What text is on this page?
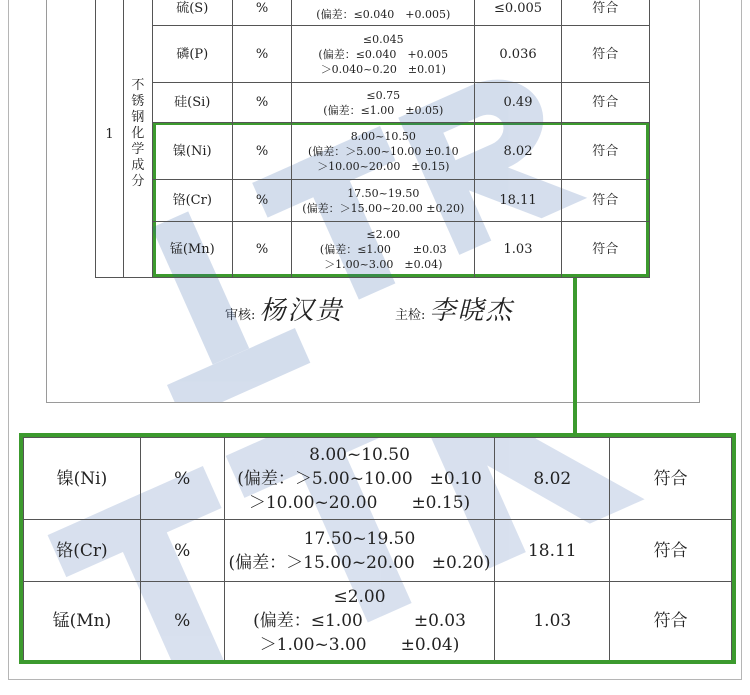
1	不锈钢化学成分	硫(S)	%	(偏差：≤0.040　+0.005)	≤0.005	符合	
		磷(P)	%	≤0.045
(偏差：≤0.040　+0.005
＞0.040~0.20　±0.01)	0.036	符合	
		硅(Si)	%	≤0.75
(偏差：≤1.00　±0.05)	0.49	符合	
		镍(Ni)	%	8.00~10.50
(偏差：＞5.00~10.00 ±0.10
＞10.00~20.00　±0.15)	8.02	符合	
		铬(Cr)	%	17.50~19.50
(偏差：＞15.00~20.00 ±0.20)	18.11	符合	
		锰(Mn)	%	≤2.00
(偏差：≤1.00　　±0.03
＞1.00~3.00　±0.04)	1.03	符合	
审核: 杨汉贵	主检: 李晓杰
镍(Ni)	%	8.00~10.50
(偏差：＞5.00~10.00　±0.10
＞10.00~20.00　　±0.15)	8.02	符合
铬(Cr)	%	17.50~19.50
(偏差：＞15.00~20.00　±0.20)	18.11	符合
锰(Mn)	%	≤2.00
(偏差：≤1.00　　　±0.03
＞1.00~3.00　　±0.04)	1.03	符合
